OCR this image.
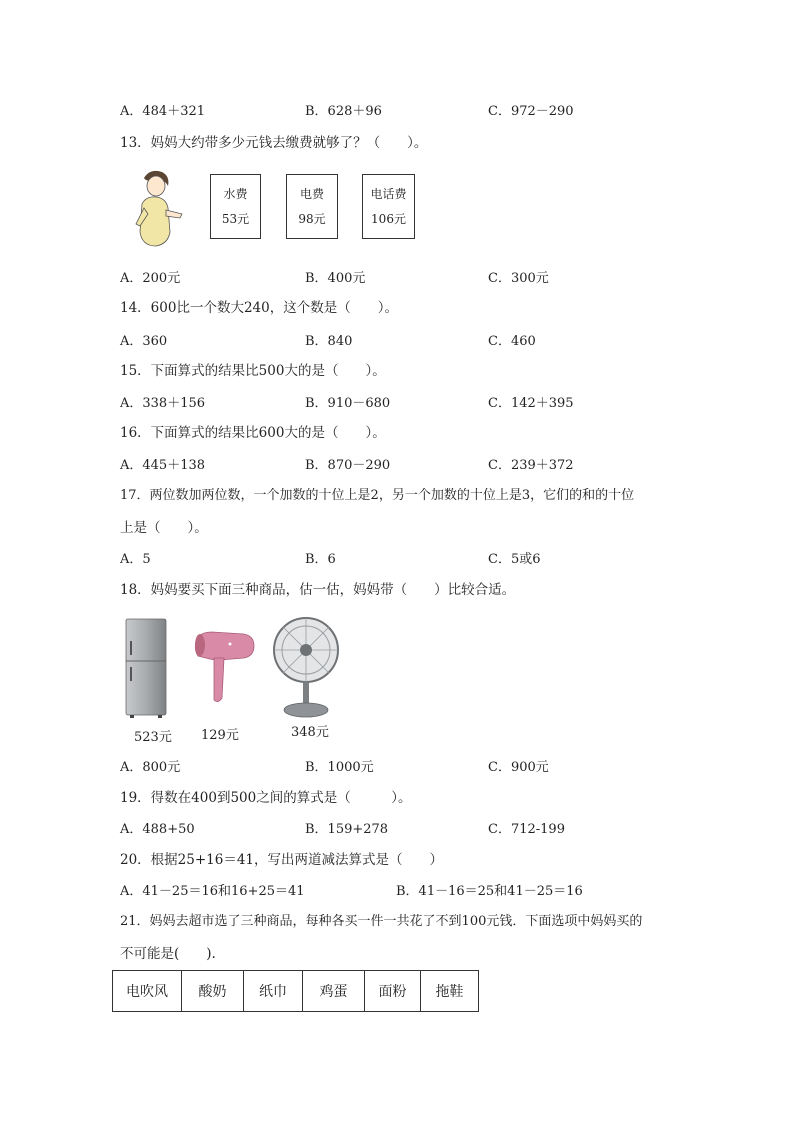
A．484＋321	B．628＋96	C．972－290
13．妈妈大约带多少元钱去缴费就够了？（　　）。
水费
53元
电费
98元
电话费
106元
A．200元	B．400元	C．300元
14．600比一个数大240，这个数是（　　）。
A．360	B．840	C．460
15．下面算式的结果比500大的是（　　）。
A．338＋156	B．910－680	C．142＋395
16．下面算式的结果比600大的是（　　）。
A．445＋138	B．870－290	C．239＋372
17．两位数加两位数，一个加数的十位上是2，另一个加数的十位上是3，它们的和的十位
上是（　　）。
A．5	B．6	C．5或6
18．妈妈要买下面三种商品，估一估，妈妈带（　　）比较合适。
523元 129元	348元
A．800元	B．1000元	C．900元
19．得数在400到500之间的算式是（　　　）。
A．488+50	B．159+278	C．712-199
20．根据25+16＝41，写出两道减法算式是（　　）
A．41－25＝16和16+25＝41	B．41－16＝25和41－25＝16
21．妈妈去超市选了三种商品，每种各买一件一共花了不到100元钱．下面选项中妈妈买的
不可能是(　　).
电吹风	酸奶	纸巾	鸡蛋	面粉	拖鞋
